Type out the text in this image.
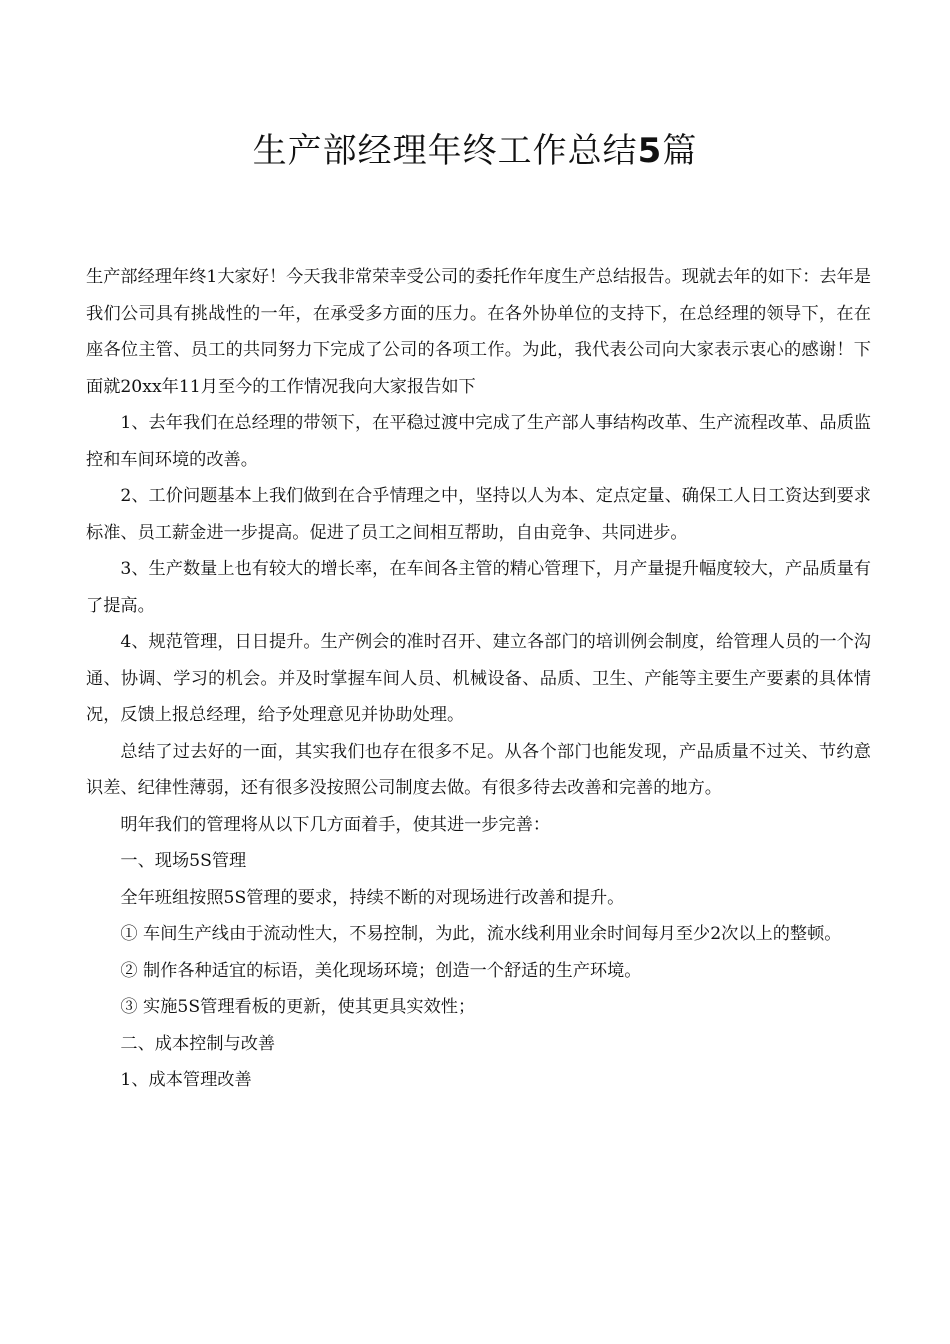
生产部经理年终工作总结5篇

生产部经理年终1大家好！今天我非常荣幸受公司的委托作年度生产总结报告。现就去年的如下：去年是我们公司具有挑战性的一年，在承受多方面的压力。在各外协单位的支持下，在总经理的领导下，在在座各位主管、员工的共同努力下完成了公司的各项工作。为此，我代表公司向大家表示衷心的感谢！下面就20xx年11月至今的工作情况我向大家报告如下

1、去年我们在总经理的带领下，在平稳过渡中完成了生产部人事结构改革、生产流程改革、品质监控和车间环境的改善。

2、工价问题基本上我们做到在合乎情理之中，坚持以人为本、定点定量、确保工人日工资达到要求标准、员工薪金进一步提高。促进了员工之间相互帮助，自由竞争、共同进步。

3、生产数量上也有较大的增长率，在车间各主管的精心管理下，月产量提升幅度较大，产品质量有了提高。

4、规范管理，日日提升。生产例会的准时召开、建立各部门的培训例会制度，给管理人员的一个沟通、协调、学习的机会。并及时掌握车间人员、机械设备、品质、卫生、产能等主要生产要素的具体情况，反馈上报总经理，给予处理意见并协助处理。

总结了过去好的一面，其实我们也存在很多不足。从各个部门也能发现，产品质量不过关、节约意识差、纪律性薄弱，还有很多没按照公司制度去做。有很多待去改善和完善的地方。

明年我们的管理将从以下几方面着手，使其进一步完善：

一、现场5S管理

全年班组按照5S管理的要求，持续不断的对现场进行改善和提升。

① 车间生产线由于流动性大，不易控制，为此，流水线利用业余时间每月至少2次以上的整顿。

② 制作各种适宜的标语，美化现场环境；创造一个舒适的生产环境。

③ 实施5S管理看板的更新，使其更具实效性；

二、成本控制与改善

1、成本管理改善
